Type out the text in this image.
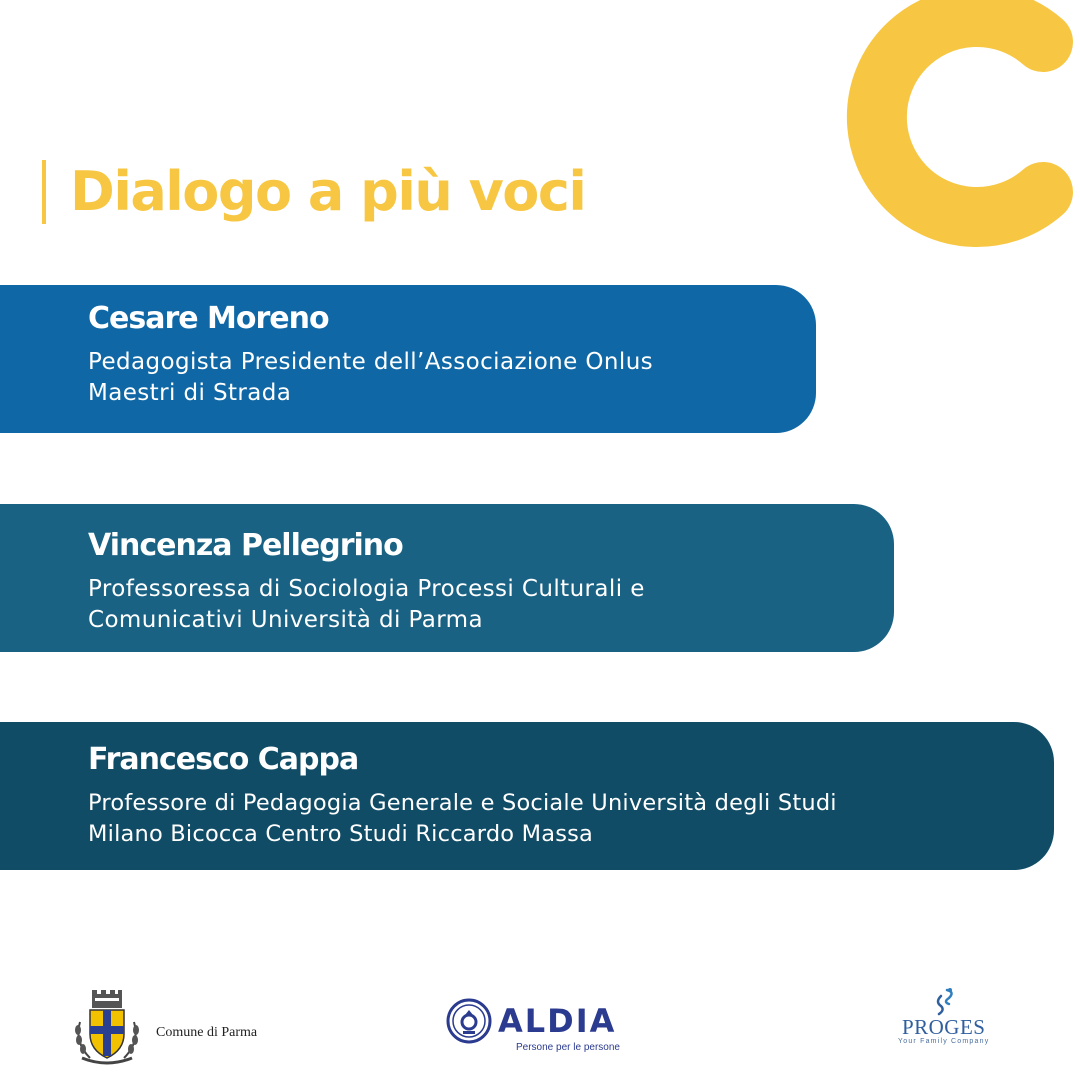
Dialogo a più voci
Cesare Moreno
Pedagogista Presidente dell’Associazione Onlus
Maestri di Strada
Vincenza Pellegrino
Professoressa di Sociologia Processi Culturali e
Comunicativi Università di Parma
Francesco Cappa
Professore di Pedagogia Generale e Sociale Università degli Studi
Milano Bicocca Centro Studi Riccardo Massa
Comune di Parma	ALDIA
Persone per le persone
PROGES
Your Family Company
